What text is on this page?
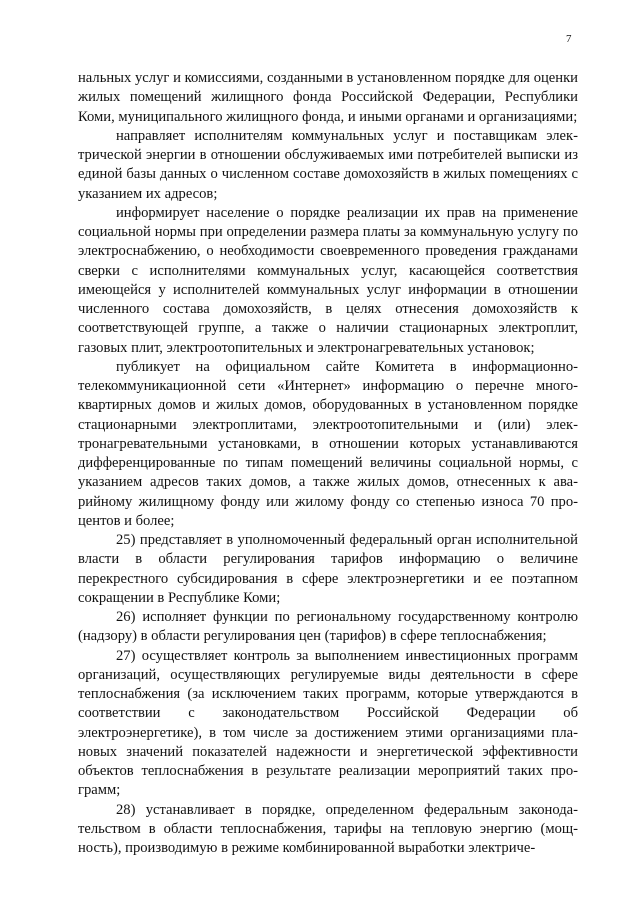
7

нальных услуг и комиссиями, созданными в установленном порядке для оценки жилых помещений жилищного фонда Российской Федерации, Республики Коми, муниципального жилищного фонда, и иными органами и организациями;

направляет исполнителям коммунальных услуг и поставщикам электрической энергии в отношении обслуживаемых ими потребителей выписки из единой базы данных о численном составе домохозяйств в жилых помещениях с указанием их адресов;

информирует население о порядке реализации их прав на применение социальной нормы при определении размера платы за коммунальную услугу по электроснабжению, о необходимости своевременного проведения гражданами сверки с исполнителями коммунальных услуг, касающейся соответствия имеющейся у исполнителей коммунальных услуг информации в отношении численного состава домохозяйств, в целях отнесения домохозяйств к соответствующей группе, а также о наличии стационарных электроплит, газовых плит, электроотопительных и электронагревательных установок;

публикует на официальном сайте Комитета в информационно-телекоммуникационной сети «Интернет» информацию о перечне многоквартирных домов и жилых домов, оборудованных в установленном порядке стационарными электроплитами, электроотопительными и (или) электронагревательными установками, в отношении которых устанавливаются дифференцированные по типам помещений величины социальной нормы, с указанием адресов таких домов, а также жилых домов, отнесенных к аварийному жилищному фонду или жилому фонду со степенью износа 70 процентов и более;

25) представляет в уполномоченный федеральный орган исполнительной власти в области регулирования тарифов информацию о величине перекрестного субсидирования в сфере электроэнергетики и ее поэтапном сокращении в Республике Коми;

26) исполняет функции по региональному государственному контролю (надзору) в области регулирования цен (тарифов) в сфере теплоснабжения;

27) осуществляет контроль за выполнением инвестиционных программ организаций, осуществляющих регулируемые виды деятельности в сфере теплоснабжения (за исключением таких программ, которые утверждаются в соответствии с законодательством Российской Федерации об электроэнергетике), в том числе за достижением этими организациями плановых значений показателей надежности и энергетической эффективности объектов теплоснабжения в результате реализации мероприятий таких программ;

28) устанавливает в порядке, определенном федеральным законодательством в области теплоснабжения, тарифы на тепловую энергию (мощность), производимую в режиме комбинированной выработки электриче-
